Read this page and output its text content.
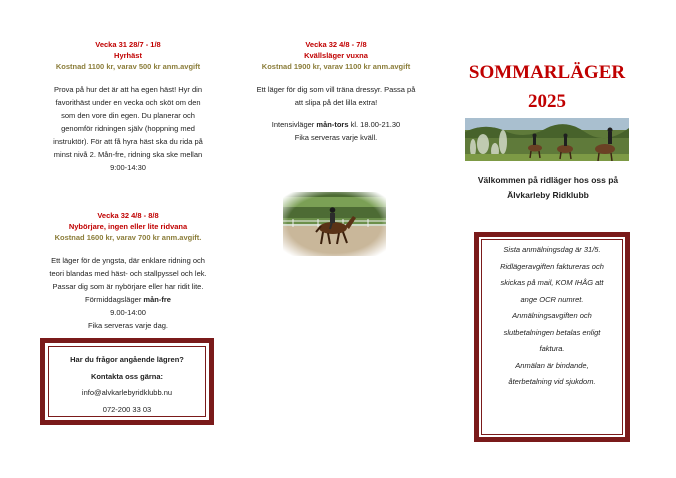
Vecka 31 28/7 - 1/8
Hyrhäst
Kostnad 1100 kr, varav 500 kr anm.avgift
Prova på hur det är att ha egen häst! Hyr din
favorithäst under en vecka och sköt om den
som den vore din egen. Du planerar och
genomför ridningen själv (hoppning med
instruktör). För att få hyra häst ska du rida på
minst nivå 2. Mån-fre, ridning ska ske mellan
9:00-14:30
Vecka 32 4/8 - 8/8
Nybörjare, ingen eller lite ridvana
Kostnad 1600 kr, varav 700 kr anm.avgift.
Ett läger för de yngsta, där enklare ridning och
teori blandas med häst- och stallpyssel och lek.
Passar dig som är nybörjare eller har ridit lite.
Förmiddagsläger mån-fre
9.00-14:00
Fika serveras varje dag.
Har du frågor angående lägren?
Kontakta oss gärna:
info@alvkarlebyridklubb.nu
072-200 33 03
Vecka 32 4/8 - 7/8
Kvällsläger vuxna
Kostnad 1900 kr, varav 1100 kr anm.avgift
Ett läger för dig som vill träna dressyr. Passa på
att slipa på det lilla extra!
Intensivläger mån-tors kl. 18.00-21.30
Fika serveras varje kväll.
SOMMARLÄGER
2025
Välkommen på ridläger hos oss på
Älvkarleby Ridklubb
Sista anmälningsdag är 31/5.
Ridlägeravgiften faktureras och
skickas på mail, KOM IHÅG att
ange OCR numret.
Anmälningsavgiften och
slutbetalningen betalas enligt
faktura.
Anmälan är bindande,
återbetalning vid sjukdom.
